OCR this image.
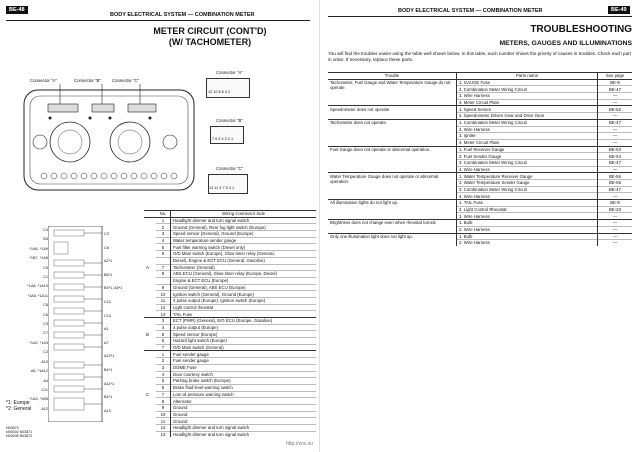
BE-48
BODY ELECTRICAL SYSTEM — COMBINATION METER
METER CIRCUIT (CONT'D)
(W/ TACHOMETER)
Connector "A"	Connector "B"	Connector "C"
Connector "A"
12 10 8 6 4 2
Connector "B"
7 6 5 4 3 2 1
Connector "C"
13 11 9 7 5 3 1
C4
B3
*1A6, *1A9
*1B7, *1A5
C5
C1
*1A8, *1A10
*1A6, *1A11
C8
C6
C9
C7
*1A2, *1A3
C2
A10
A6, *1A12
A4
C11
*1A3, *1B5
A12
C3
C8
A2*1
B6*1
B3*1, A5*1
C12
C13
A1
A7
A10*1
B4*1
A11*1
B4*1
A13
*1: Europe
*2: General
N03870
N04002 N03871
N03005 N03872
	No.	Wiring Connector Side
A	1	Headlight dimmer and turn signal switch
	2	Ground (General), Rear fog light switch (Europe)
	3	Speed sensor (General), Ground (Europe)
	4	Water temperature sender gauge
	5	Fuel filter warning switch (Diesel only)
	6	O/D Main switch (Europe), Glow timer relay (General,
		Diesel), Engine & ECT ECU (General, Gasoline)
	7	Tachometer (General)
	8	ABS ECU (General), Glow timer relay (Europe, Diesel)
		Engine & ECT ECU (Europe)
	9	Ground (General), ABS ECU (Europe)
	10	Ignition switch (General), Ground (Europe)
	11	4 pulse output (Europe), Ignition switch (Europe)
	12	Light control rheostat
	13	TAIL Fuse
B	3	ECT (PWR) (General), E/G ECU (Europe, Gasoline)
	4	4 pulse output (Europe)
	5	Speed sensor (Europe)
	6	Hazard light switch (Europe)
	7	O/D Main switch (General)
C	1	Fuel sender gauge
	2	Fuel sender gauge
	3	DOME Fuse
	4	Door courtesy switch
	5	Parking brake switch (Europe)
	6	Brake fluid level warning switch
	7	Low oil pressure warning switch
	8	Alternator
	9	Ground
	10	Ground
	11	Ground
	12	Headlight dimmer and turn signal switch
	13	Headlight dimmer and turn signal switch
BODY ELECTRICAL SYSTEM — COMBINATION METER	BE-49
TROUBLESHOOTING
METERS, GAUGES AND ILLUMINATIONS
You will find the troubles easier using the table well shown below. In this table, each number shows the priority of causes in troubles. Check each part in order. If necessary, replace these parts.
Trouble	Parts name	See page
Tachometer, Fuel Gauge and Water Temperature Gauge do not operate.	1. GAUGE Fuse	BE-8
	2. Combination Meter Wiring Circuit	BE-47
	3. Wire Harness	—
	4. Meter Circuit Plate	—
Speedometer does not operate.	1. Speed Sensor	BE-52
	2. Speedometer Driven Gear and Drive Gear	—
Tachometer does not operate.	1. Combination Meter Wiring Circuit	BE-47
	2. Wire Harness	—
	3. Igniter	—
	4. Meter Circuit Plate	—
Fuel Gauge does not operate or abnormal operation.	1. Fuel Receiver Gauge	BE-53
	2. Fuel Sender Gauge	BE-54
	3. Combination Meter Wiring Circuit	BE-47
	4. Wire Harness	—
Water Temperature Gauge does not operate or abnormal operation.	1. Water Temperature Receiver Gauge	BE-56
	2. Water Temperature Sender Gauge	BE-56
	3. Combination Meter Wiring Circuit	BE-47
	4. Wire Harness	—
All illumination lights do not light up.	1. TAIL Fuse	BE-8
	2. Light Control Rheostat	BE-33
	3. Wire Harness	—
Brightness does not change even when rheostat turned.	1. Bulb	—
	2. Wire Harness	—
Only one illumination light does not light up.	1. Bulb	—
	2. Wire Harness	—
http://vnx.su
